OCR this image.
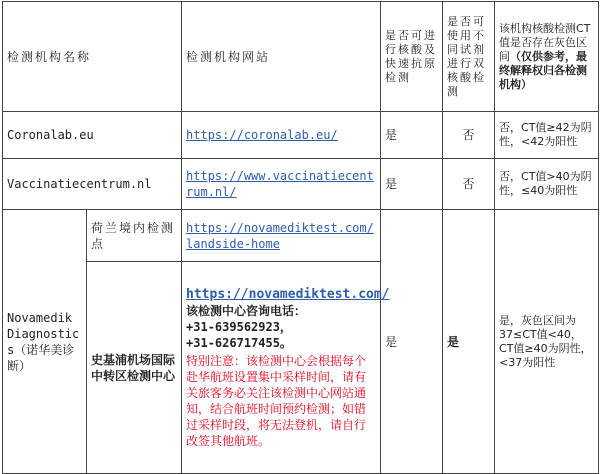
检测机构名称		检测机构网站	是否可进行核酸及快速抗原检测	是否可使用不同试剂进行双核酸检测	该机构核酸检测CT值是否存在灰色区间（仅供参考，最终解释权归各检测机构）
Coronalab.eu		https://coronalab.eu/	是	否	否，CT值≥42为阴性，<42为阳性
Vaccinatiecentrum.nl		https://www.vaccinatiecentrum.nl/	是	否	否，CT值>40为阴性，≤40为阳性
Novamedik Diagnostics（诺华美诊断）	荷兰境内检测点	https://novamediktest.com/landside-home	是	是	是，灰色区间为37≤CT值<40，CT值≥40为阴性，<37为阳性
	史基浦机场国际中转区检测中心	https://novamediktest.com/
该检测中心咨询电话：
+31-639562923，
+31-626717455。
特别注意：该检测中心会根据每个赴华航班设置集中采样时间，请有关旅客务必关注该检测中心网站通知，结合航班时间预约检测；如错过采样时段，将无法登机，请自行改签其他航班。			
